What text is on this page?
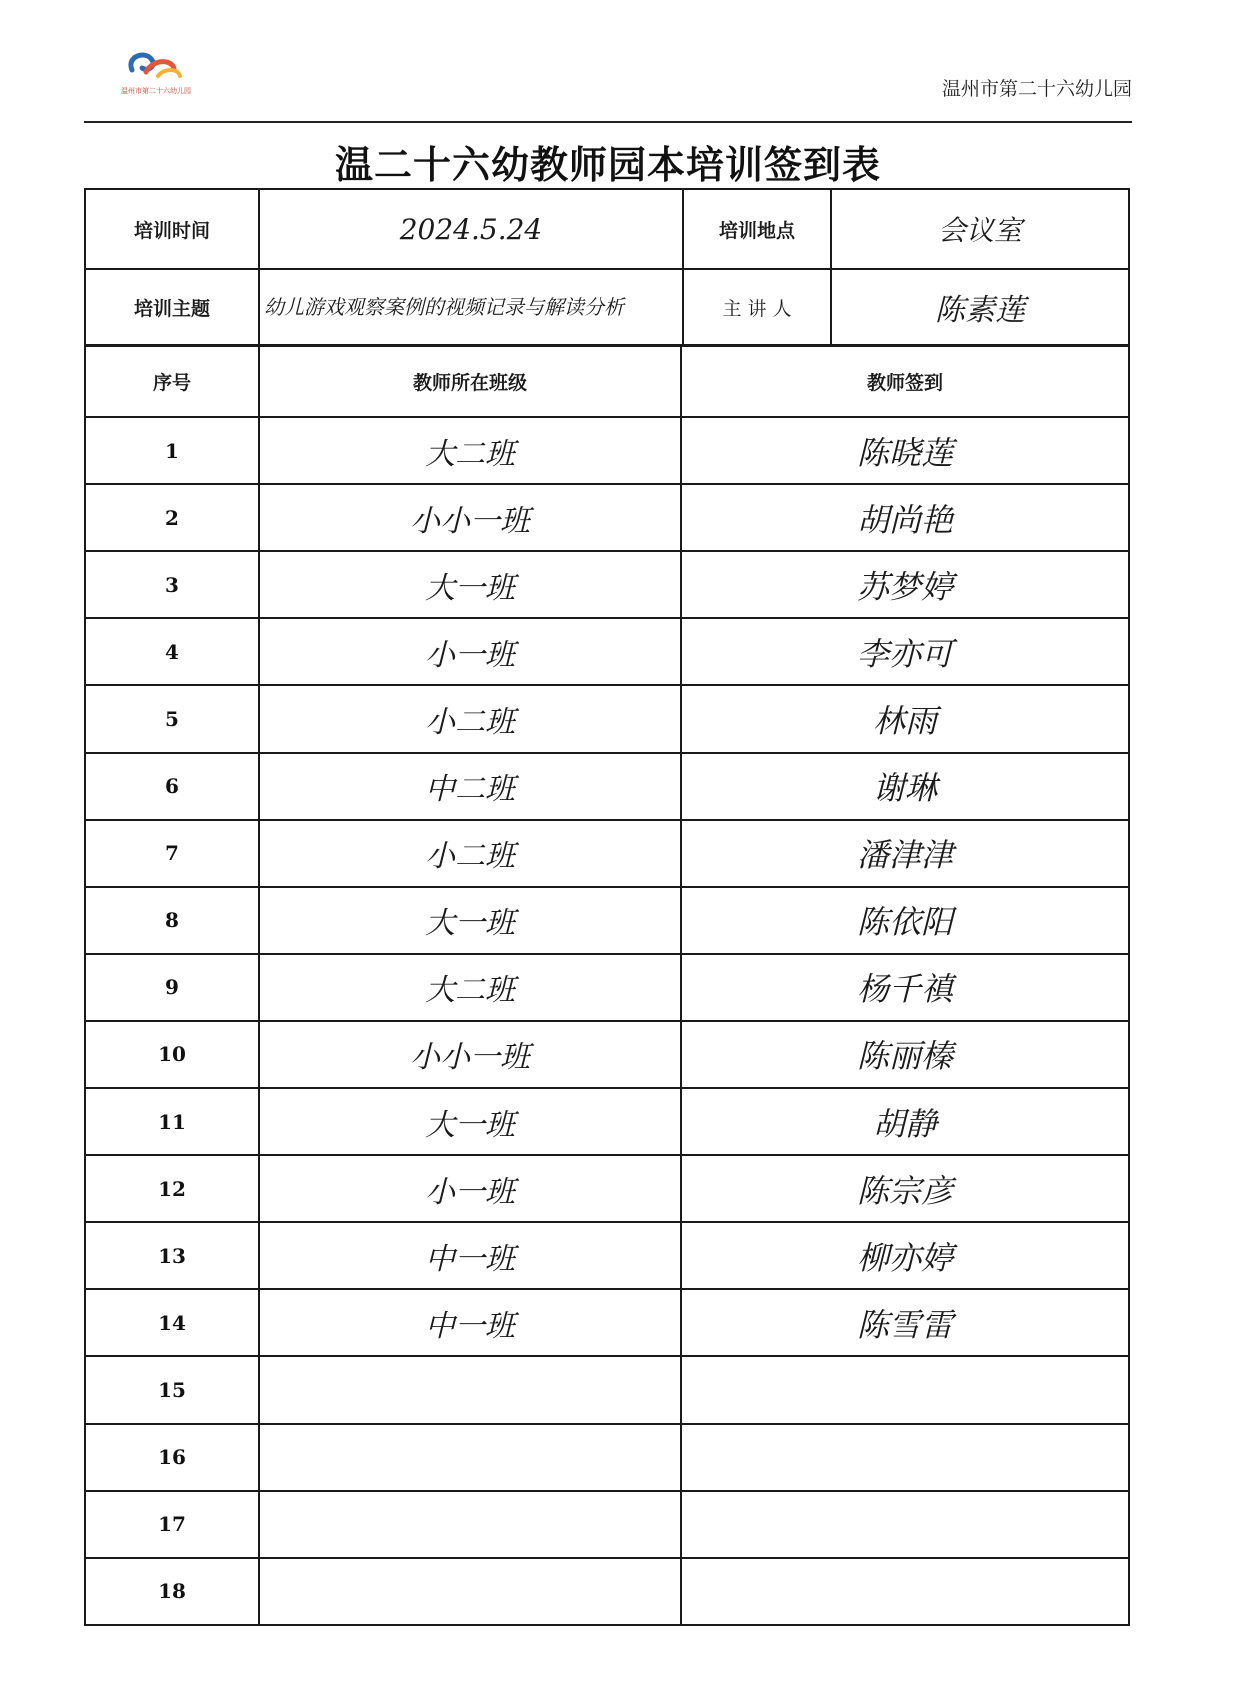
温州市第二十六幼儿园	温州市第二十六幼儿园
温二十六幼教师园本培训签到表
培训时间	2024.5.24	培训地点	会议室
培训主题	幼儿游戏观察案例的视频记录与解读分析	主 讲 人	陈素莲
序号	教师所在班级	教师签到
1	大二班	陈晓莲
2	小小一班	胡尚艳
3	大一班	苏梦婷
4	小一班	李亦可
5	小二班	林雨
6	中二班	谢琳
7	小二班	潘津津
8	大一班	陈依阳
9	大二班	杨千禛
10	小小一班	陈丽榛
11	大一班	胡静
12	小一班	陈宗彦
13	中一班	柳亦婷
14	中一班	陈雪雷
15
16
17
18
